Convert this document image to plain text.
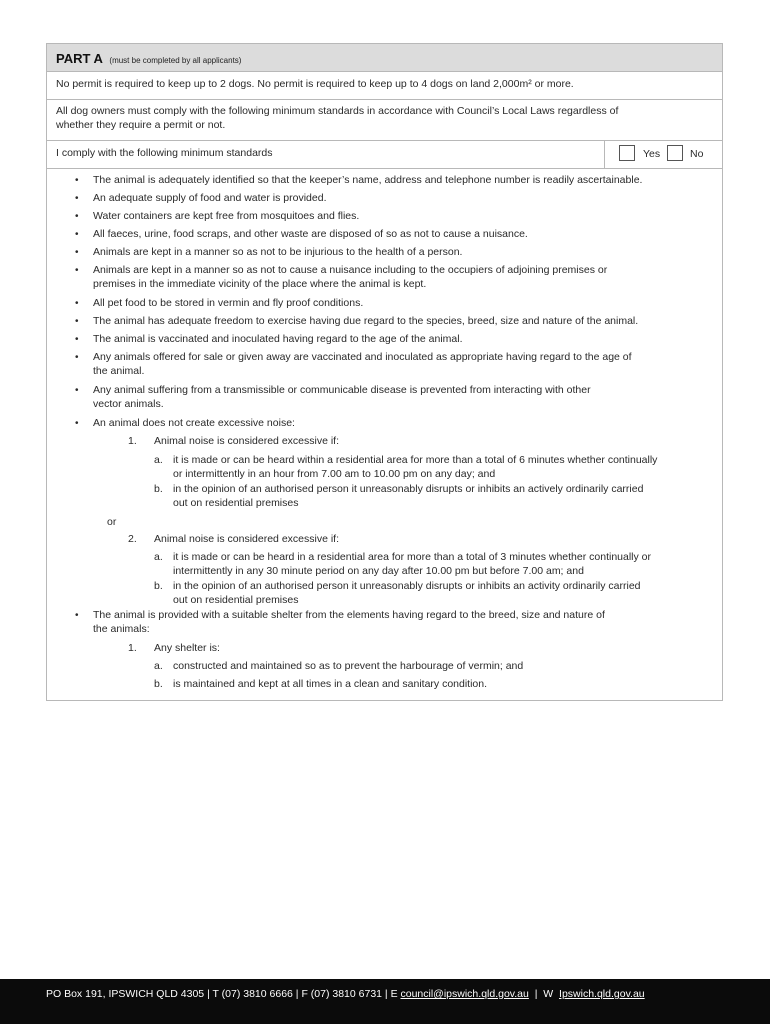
PART A (must be completed by all applicants)
No permit is required to keep up to 2 dogs. No permit is required to keep up to 4 dogs on land 2,000m² or more.
All dog owners must comply with the following minimum standards in accordance with Council’s Local Laws regardless of
whether they require a permit or not.
I comply with the following minimum standards	Yes	No
• The animal is adequately identified so that the keeper’s name, address and telephone number is readily ascertainable.
• An adequate supply of food and water is provided.
• Water containers are kept free from mosquitoes and flies.
• All faeces, urine, food scraps, and other waste are disposed of so as not to cause a nuisance.
• Animals are kept in a manner so as not to be injurious to the health of a person.
• Animals are kept in a manner so as not to cause a nuisance including to the occupiers of adjoining premises or
premises in the immediate vicinity of the place where the animal is kept.
• All pet food to be stored in vermin and fly proof conditions.
• The animal has adequate freedom to exercise having due regard to the species, breed, size and nature of the animal.
• The animal is vaccinated and inoculated having regard to the age of the animal.
• Any animals offered for sale or given away are vaccinated and inoculated as appropriate having regard to the age of
the animal.
• Any animal suffering from a transmissible or communicable disease is prevented from interacting with other
vector animals.
• An animal does not create excessive noise:
1. Animal noise is considered excessive if:
a. it is made or can be heard within a residential area for more than a total of 6 minutes whether continually
or intermittently in an hour from 7.00 am to 10.00 pm on any day; and
b. in the opinion of an authorised person it unreasonably disrupts or inhibits an actively ordinarily carried
out on residential premises
or
2. Animal noise is considered excessive if:
a. it is made or can be heard in a residential area for more than a total of 3 minutes whether continually or
intermittently in any 30 minute period on any day after 10.00 pm but before 7.00 am; and
b. in the opinion of an authorised person it unreasonably disrupts or inhibits an activity ordinarily carried
out on residential premises
• The animal is provided with a suitable shelter from the elements having regard to the breed, size and nature of
the animals:
1. Any shelter is:
a. constructed and maintained so as to prevent the harbourage of vermin; and
b. is maintained and kept at all times in a clean and sanitary condition.
PO Box 191, IPSWICH QLD 4305 | T (07) 3810 6666 | F (07) 3810 6731 | E council@ipswich.qld.gov.au  |  W  Ipswich.qld.gov.au
